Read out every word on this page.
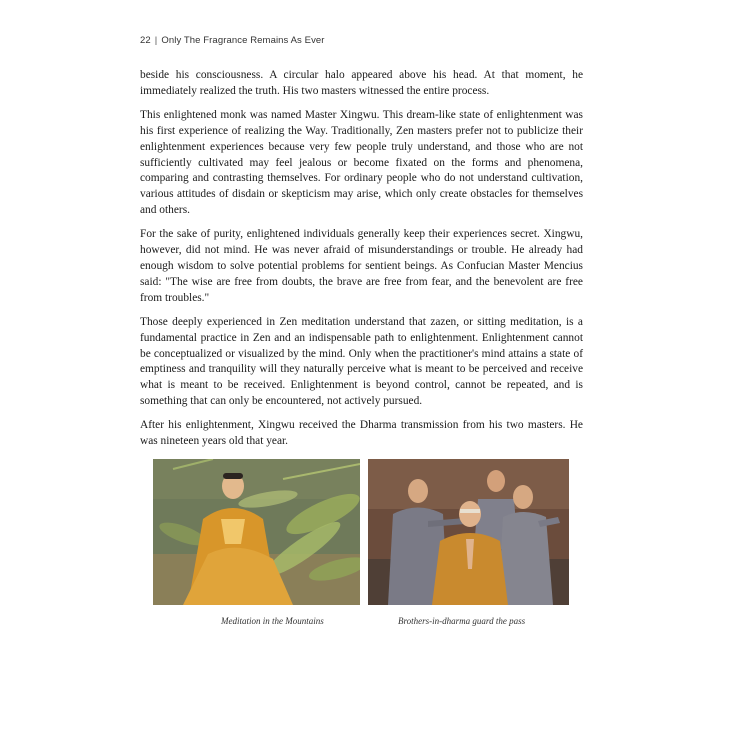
22 | Only The Fragrance Remains As Ever

beside his consciousness. A circular halo appeared above his head. At that moment, he immediately realized the truth. His two masters witnessed the entire process.

This enlightened monk was named Master Xingwu. This dream-like state of enlightenment was his first experience of realizing the Way. Traditionally, Zen masters prefer not to publicize their enlightenment experiences because very few people truly understand, and those who are not sufficiently cultivated may feel jealous or become fixated on the forms and phenomena, comparing and contrasting themselves. For ordinary people who do not understand cultivation, various attitudes of disdain or skepticism may arise, which only create obstacles for themselves and others.

For the sake of purity, enlightened individuals generally keep their experiences secret. Xingwu, however, did not mind. He was never afraid of misunderstandings or trouble. He already had enough wisdom to solve potential problems for sentient beings. As Confucian Master Mencius said: "The wise are free from doubts, the brave are free from fear, and the benevolent are free from troubles."

Those deeply experienced in Zen meditation understand that zazen, or sitting meditation, is a fundamental practice in Zen and an indispensable path to enlightenment. Enlightenment cannot be conceptualized or visualized by the mind. Only when the practitioner's mind attains a state of emptiness and tranquility will they naturally perceive what is meant to be perceived and receive what is meant to be received. Enlightenment is beyond control, cannot be repeated, and is something that can only be encountered, not actively pursued.

After his enlightenment, Xingwu received the Dharma transmission from his two masters. He was nineteen years old that year.

Meditation in the Mountains	Brothers-in-dharma guard the pass
